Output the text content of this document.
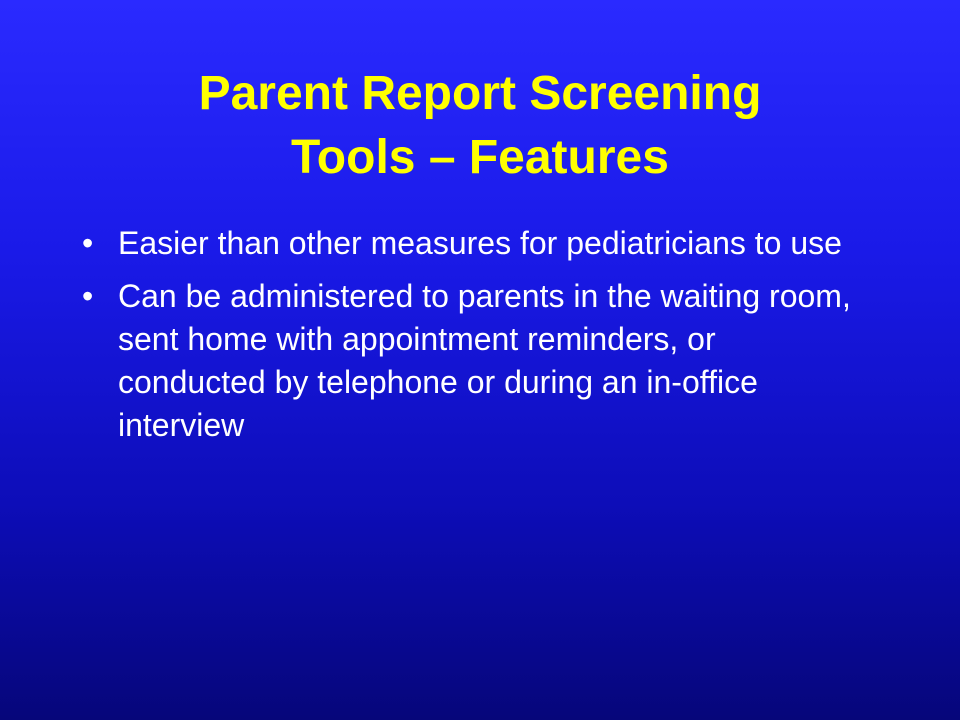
Parent Report Screening
Tools – Features
• Easier than other measures for pediatricians to use
• Can be administered to parents in the waiting room, sent home with appointment reminders, or conducted by telephone or during an in-office interview
